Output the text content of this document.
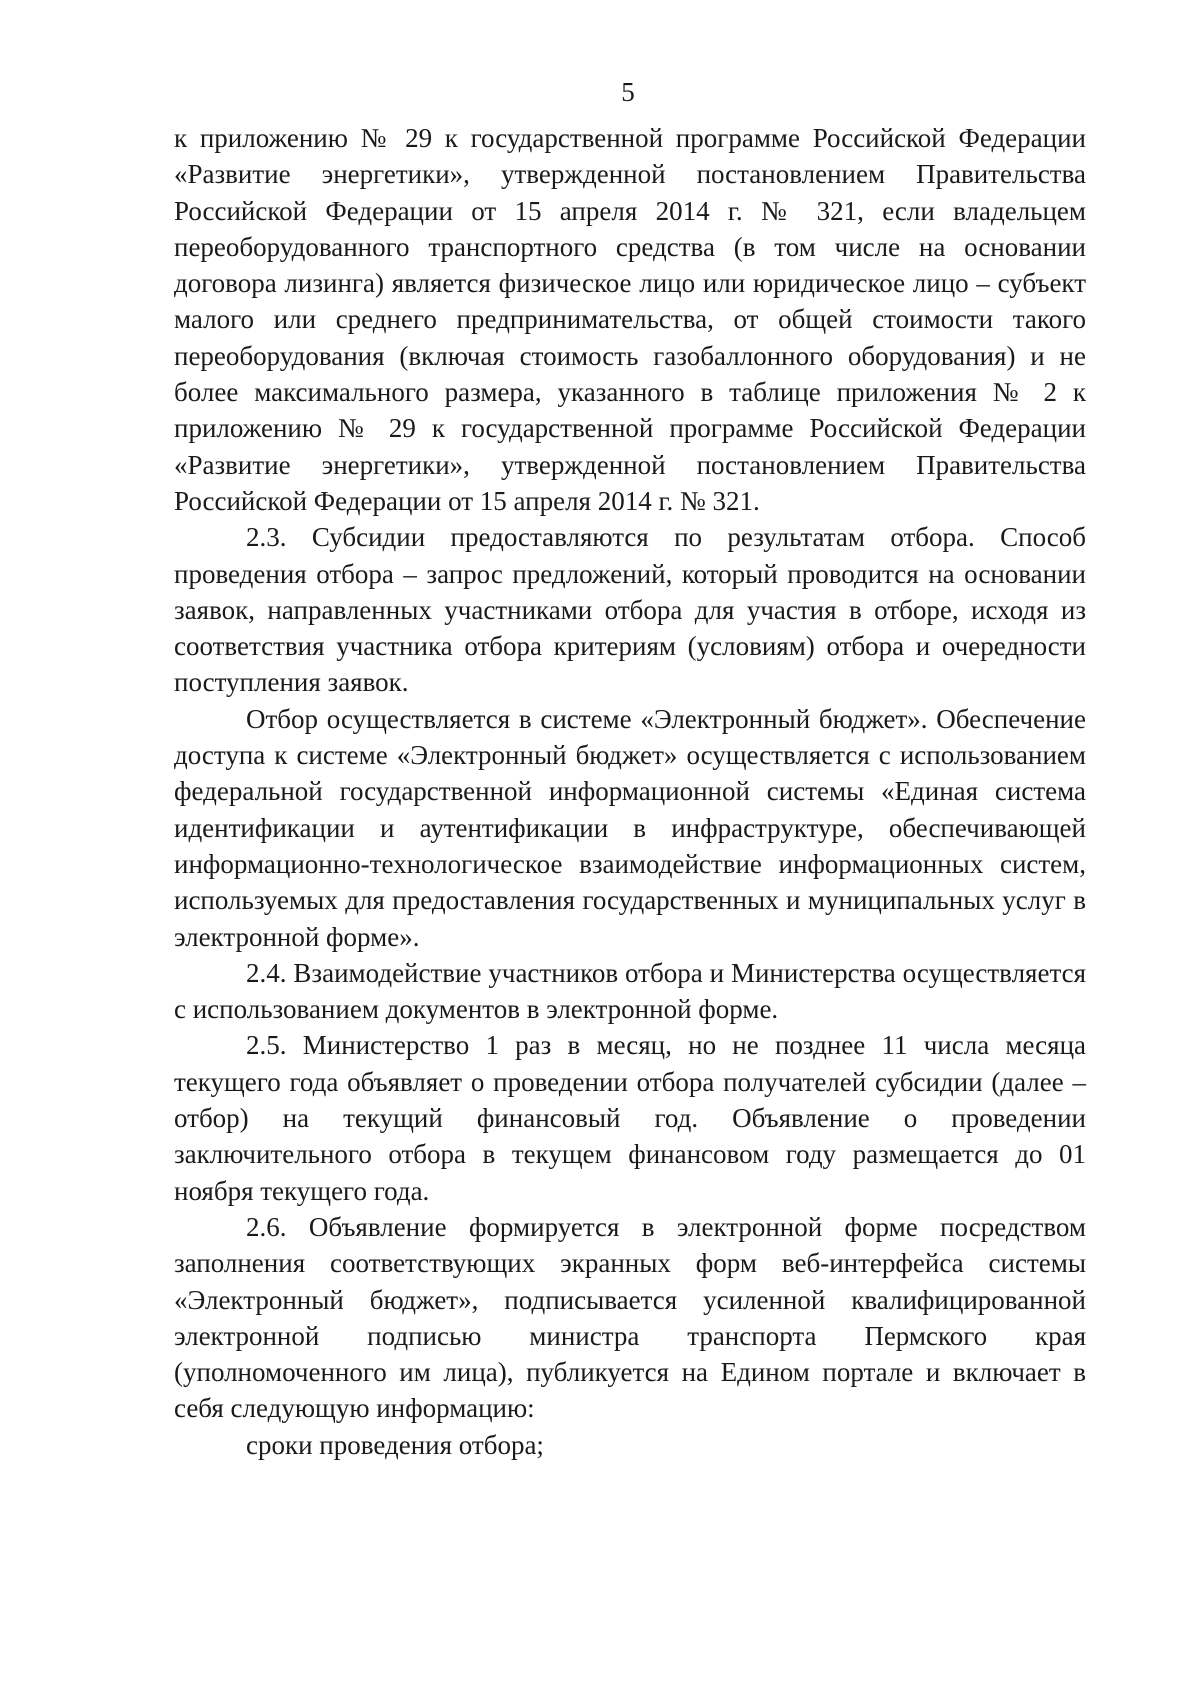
5

к приложению № 29 к государственной программе Российской Федерации «Развитие энергетики», утвержденной постановлением Правительства Российской Федерации от 15 апреля 2014 г. № 321, если владельцем переоборудованного транспортного средства (в том числе на основании договора лизинга) является физическое лицо или юридическое лицо – субъект малого или среднего предпринимательства, от общей стоимости такого переоборудования (включая стоимость газобаллонного оборудования) и не более максимального размера, указанного в таблице приложения № 2 к приложению № 29 к государственной программе Российской Федерации «Развитие энергетики», утвержденной постановлением Правительства Российской Федерации от 15 апреля 2014 г. № 321.

2.3. Субсидии предоставляются по результатам отбора. Способ проведения отбора – запрос предложений, который проводится на основании заявок, направленных участниками отбора для участия в отборе, исходя из соответствия участника отбора критериям (условиям) отбора и очередности поступления заявок.

Отбор осуществляется в системе «Электронный бюджет». Обеспечение доступа к системе «Электронный бюджет» осуществляется с использованием федеральной государственной информационной системы «Единая система идентификации и аутентификации в инфраструктуре, обеспечивающей информационно-технологическое взаимодействие информационных систем, используемых для предоставления государственных и муниципальных услуг в электронной форме».

2.4. Взаимодействие участников отбора и Министерства осуществляется с использованием документов в электронной форме.

2.5. Министерство 1 раз в месяц, но не позднее 11 числа месяца текущего года объявляет о проведении отбора получателей субсидии (далее – отбор) на текущий финансовый год. Объявление о проведении заключительного отбора в текущем финансовом году размещается до 01 ноября текущего года.

2.6. Объявление формируется в электронной форме посредством заполнения соответствующих экранных форм веб-интерфейса системы «Электронный бюджет», подписывается усиленной квалифицированной электронной подписью министра транспорта Пермского края (уполномоченного им лица), публикуется на Едином портале и включает в себя следующую информацию:

сроки проведения отбора;
